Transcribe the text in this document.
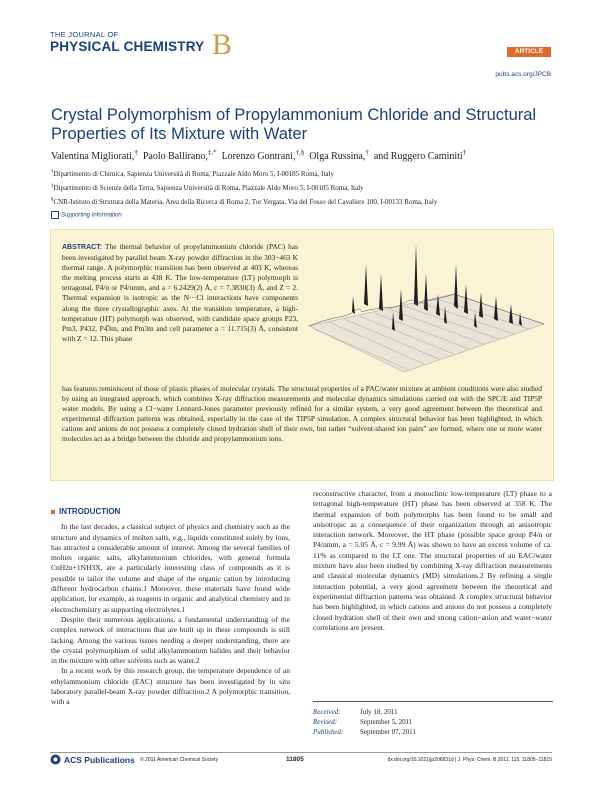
THE JOURNAL OF
PHYSICAL CHEMISTRY B	ARTICLE
pubs.acs.org/JPCB
Crystal Polymorphism of Propylammonium Chloride and Structural Properties of Its Mixture with Water
Valentina Migliorati,† Paolo Ballirano,‡,* Lorenzo Gontrani,†,§ Olga Russina,† and Ruggero Caminiti†
†Dipartimento di Chimica, Sapienza Università di Roma, Piazzale Aldo Moro 5, I-00185 Roma, Italy
‡Dipartimento di Scienze della Terra, Sapienza Università di Roma, Piazzale Aldo Moro 5, I-00185 Roma, Italy
§CNR-Istituto di Struttura della Materia, Area della Ricerca di Roma 2, Tor Vergata, Via del Fosso del Cavaliere 100, I-00133 Roma, Italy
Supporting Information
ABSTRACT: The thermal behavior of propylammonium chloride (PAC) has been investigated by parallel beam X-ray powder diffraction in the 303−463 K thermal range. A polymorphic transition has been observed at 403 K, whereas the melting process starts at 438 K. The low-temperature (LT) polymorph is tetragonal, P4/n or P4/nmm, and a = 6.2429(2) Å, c = 7.3830(3) Å, and Z = 2. Thermal expansion is isotropic as the N···Cl interactions have components along the three crystallographic axes. At the transition temperature, a high-temperature (HT) polymorph was observed, with candidate space groups P23, Pm3, P432, P4̅3m, and Pm3m and cell parameter a = 11.715(3) Å, consistent with Z = 12. This phase
has features reminiscent of those of plastic phases of molecular crystals. The structural properties of a PAC/water mixture at ambient conditions were also studied by using an integrated approach, which combines X-ray diffraction measurements and molecular dynamics simulations carried out with the SPC/E and TIP5P water models. By using a Cl−water Lennard-Jones parameter previously refined for a similar system, a very good agreement between the theoretical and experimental diffraction patterns was obtained, especially in the case of the TIP5P simulation. A complex structural behavior has been highlighted, in which cations and anions do not possess a completely closed hydration shell of their own, but rather “solvent-shared ion pairs” are formed, where one or more water molecules act as a bridge between the chloride and propylammonium ions.
INTRODUCTION

In the last decades, a classical subject of physics and chemistry such as the structure and dynamics of molten salts, e.g., liquids constituted solely by ions, has attracted a considerable amount of interest. Among the several families of molten organic salts, alkylammonium chlorides, with general formula CnH2n+1NH3X, are a particularly interesting class of compounds as it is possible to tailor the volume and shape of the organic cation by introducing different hydrocarbon chains.1 Moreover, these materials have found wide application, for example, as reagents in organic and analytical chemistry and in electrochemistry as supporting electrolytes.1

Despite their numerous applications, a fundamental understanding of the complex network of interactions that are built up in these compounds is still lacking. Among the various issues needing a deeper understanding, there are the crystal polymorphism of solid alkylammonium halides and their behavior in the mixture with other solvents such as water.2

In a recent work by this research group, the temperature dependence of an ethylammonium chloride (EAC) structure has been investigated by in situ laboratory parallel-beam X-ray powder diffraction.2 A polymorphic transition, with a

reconstructive character, from a monoclinic low-temperature (LT) phase to a tetragonal high-temperature (HT) phase has been observed at 358 K. The thermal expansion of both polymorphs has been found to be small and anisotropic as a consequence of their organization through an anisotropic interaction network. Moreover, the HT phase (possible space group P4/n or P4/nmm, a = 5.05 Å, c = 9.99 Å) was shown to have an excess volume of ca. 11% as compared to the LT one. The structural properties of an EAC/water mixture have also been studied by combining X-ray diffraction measurements and classical molecular dynamics (MD) simulations.2 By refining a single interaction potential, a very good agreement between the theoretical and experimental diffraction patterns was obtained. A complex structural behavior has been highlighted, in which cations and anions do not possess a completely closed hydration shell of their own and strong cation−anion and water−water correlations are present.

Received:	July 18, 2011
Revised:	September 5, 2011
Published:	September 07, 2011
ACS Publications © 2011 American Chemical Society	11805	dx.doi.org/10.1021/jp206831d | J. Phys. Chem. B 2011, 115, 11805−11815
